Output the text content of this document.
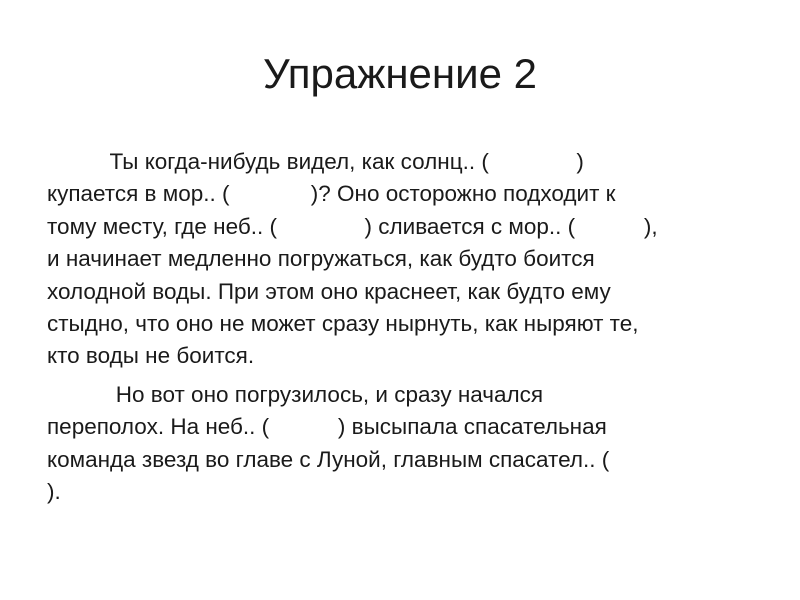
Упражнение 2
Ты когда-нибудь видел, как солнц.. (              )
купается в мор.. (             )? Оно осторожно подходит к
тому месту, где неб.. (              ) сливается с мор.. (           ),
и начинает медленно погружаться, как будто боится
холодной воды. При этом оно краснеет, как будто ему
стыдно, что оно не может сразу нырнуть, как ныряют те,
кто воды не боится.
Но вот оно погрузилось, и сразу начался
переполох. На неб.. (           ) высыпала спасательная
команда звезд во главе с Луной, главным спасател.. (
).
